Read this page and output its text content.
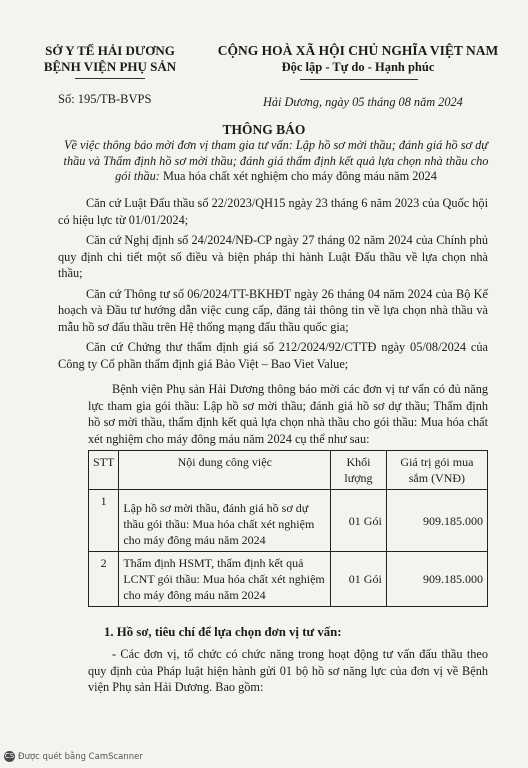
SỞ Y TẾ HẢI DƯƠNG
BỆNH VIỆN PHỤ SẢN
Số: 195/TB-BVPS
CỘNG HOÀ XÃ HỘI CHỦ NGHĨA VIỆT NAM
Độc lập - Tự do - Hạnh phúc
Hải Dương, ngày 05 tháng 08 năm 2024
THÔNG BÁO
Về việc thông báo mời đơn vị tham gia tư vấn: Lập hồ sơ mời thầu; đánh giá hồ sơ dự thầu và Thẩm định hồ sơ mời thầu; đánh giá thẩm định kết quả lựa chọn nhà thầu cho gói thầu: Mua hóa chất xét nghiệm cho máy đông máu năm 2024

Căn cứ Luật Đấu thầu số 22/2023/QH15 ngày 23 tháng 6 năm 2023 của Quốc hội có hiệu lực từ 01/01/2024;

Căn cứ Nghị định số 24/2024/NĐ-CP ngày 27 tháng 02 năm 2024 của Chính phủ quy định chi tiết một số điều và biện pháp thi hành Luật Đấu thầu về lựa chọn nhà thầu;

Căn cứ Thông tư số 06/2024/TT-BKHĐT ngày 26 tháng 04 năm 2024 của Bộ Kế hoạch và Đầu tư hướng dẫn việc cung cấp, đăng tải thông tin về lựa chọn nhà thầu và mẫu hồ sơ đấu thầu trên Hệ thống mạng đấu thầu quốc gia;

Căn cứ Chứng thư thẩm định giá số 212/2024/92/CTTĐ ngày 05/08/2024 của Công ty Cổ phần thẩm định giá Bảo Việt – Bao Viet Value;

Bệnh viện Phụ sản Hải Dương thông báo mời các đơn vị tư vấn có đủ năng lực tham gia gói thầu: Lập hồ sơ mời thầu; đánh giá hồ sơ dự thầu; Thẩm định hồ sơ mời thầu, thẩm định kết quả lựa chọn nhà thầu cho gói thầu: Mua hóa chất xét nghiệm cho máy đông máu năm 2024 cụ thể như sau:

STT	Nội dung công việc	Khối lượng	Giá trị gói mua sắm (VNĐ)
1	Lập hồ sơ mời thầu, đánh giá hồ sơ dự thầu gói thầu: Mua hóa chất xét nghiệm cho máy đông máu năm 2024	01 Gói	909.185.000
2	Thẩm định HSMT, thẩm định kết quả LCNT gói thầu: Mua hóa chất xét nghiệm cho máy đông máu năm 2024	01 Gói	909.185.000
1. Hồ sơ, tiêu chí để lựa chọn đơn vị tư vấn:

- Các đơn vị, tổ chức có chức năng trong hoạt động tư vấn đấu thầu theo quy định của Pháp luật hiện hành gửi 01 bộ hồ sơ năng lực của đơn vị về Bệnh viện Phụ sản Hải Dương. Bao gồm:

CS Được quét bằng CamScanner
